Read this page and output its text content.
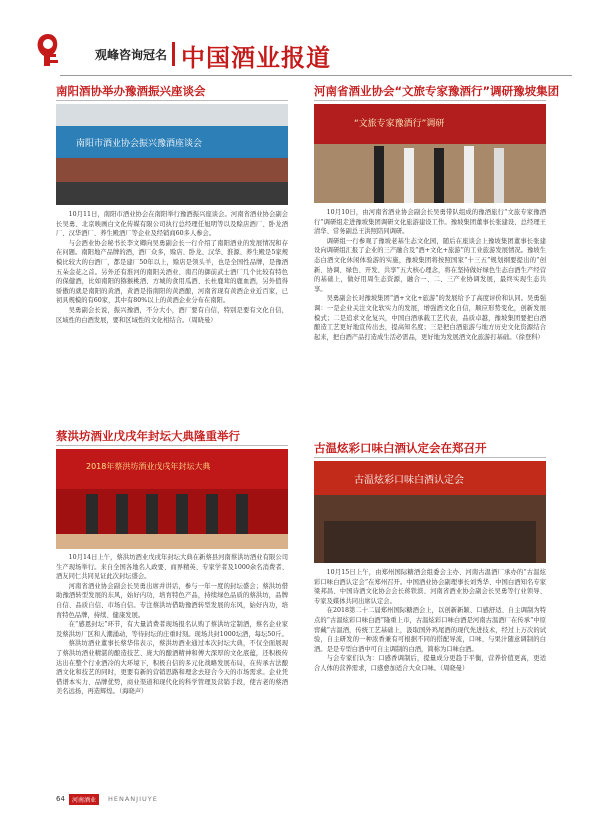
观峰咨询冠名 中国酒业报道
南阳酒协举办豫酒振兴座谈会
南阳市酒业协会振兴豫酒座谈会

10月11日，南阳市酒业协会在南阳举行豫酒振兴座谈会。河南省酒业协会副会长吴勇、北京映画白文化传媒有限公司执行总经理任旭明等以及赊店酒厂、卧龙酒厂、汉华酒厂、养生殿酒厂等企业及经销商60多人参会。

与会酒业协会秘书长李文卿向吴勇副会长一行介绍了南阳酒业的发展情况和存在问题。南阳地产品牌的酒，酒厂众多，赊店、卧龙、汉华、淮源、养生殿是5家规模比较大的白酒厂，都是建厂50年以上，赊店是领头羊，也是全国性品牌，是豫酒五朵金花之首。另外还有淮河的南阳关酒业、南召的御前武士酒厂几个比较有特色的保健酒，比如南阳的猕猴桃酒、方城的食用瓜酒、长杜鹿茸的鹿血酒，另外值得骄傲的就是南阳的黄酒，黄酒是指南阳的黄酒酿，河南省现有黄酒企业近百家，已初具规模的有60家，其中有80%以上的黄酒企业分布在南阳。

吴勇副会长说，振兴豫酒，不分大小，酒厂要有自信，特别是要有文化自信，区域性的白酒发展，要和区域性的文化相结合。（周晓曼）

河南省酒业协会“文旅专家豫酒行”调研豫坡集团
“文旅专家豫酒行”调研

10月10日，由河南省酒业协会副会长吴勇带队组成的豫酒旅行“文旅专家豫酒行”调研组走进豫坡集团调研文化旅游建设工作。豫坡集团董事长张建设、总经理王清华、常务副总王洪照陪同调研。

调研组一行参观了豫坡老基生态文化园，随后在座谈会上豫坡集团董事长张建设向调研组汇报了企业的三产融合及“酒+文化+旅游”的工业旅游发展情况。豫坡生态白酒文化休闲体验游的实施，豫坡集团将按照国家“十三五”规划纲要提出的“创新、协调、绿色、开发、共享”五大核心理念，将在坚持做好绿色生态白酒生产经营的基础上，做好用周生态资源，融合一、二、三产业协调发展，最终实现生态共享。

吴勇副会长对豫坡集团“酒+文化+旅游”的发展给予了高度评价和认同。吴勇强调：一是企业关注文化软实力的发展，增强酒文化自信，顺应形势变化，创新发展模式；二是追求文化复兴，中国白酒承载工艺代表，品质卓越，豫坡集团要把白酒酿造工艺更好地宣传出去，提高知名度；三是把白酒旅游与地方历史文化资源结合起来，把白酒产品打造成生活必需品，更好地为发展酒文化旅游打基础。（徐登科）

蔡洪坊酒业戊戌年封坛大典隆重举行
2018年蔡洪坊酒业戊戌年封坛大典

10月14日上午，蔡洪坊酒业戊戌年封坛大典在新蔡县河南蔡洪坊酒业有限公司生产现场举行。来自全国各地名人政要、商界精英、专家学者及1000余名消费者、酒友同仁共同见证此次封坛盛会。

河南省酒业协会副会长吴勇出席并讲话，参与一年一度的封坛盛会；蔡洪坊借助豫酒转型发展的东风，始好内功，培育特色产品，持续绿色品质的蔡洪坊，品牌自信、品质自信、市场自信。专注蔡洪坊借助豫酒转型发展的东风，始好内功，培育特色品牌，持续、健康发展。

在“感恩封坛”环节，有大量消费者现场报名认购了蔡洪坊定制酒，蔡名企业家及蔡洪坊厂区和人潮涌动，等待封坛的庄重时刻。现场共封1000坛酒，每坛50斤。

蔡洪坊酒业董事长蔡华伟表示，蔡洪坊酒业通过本次封坛大典，不仅全面展现了蔡洪坊酒业精湛的酿造技艺、庞大的酿酒精神和傅大深厚的文化底蕴，还积极传达出在整个行业酒冷的大环境下，积极自信的多元化战略发展布局，在传承古法酿酒文化和技艺的同时，更要有新的营销思路和理念去迎合今天的市场需求。企业凭借谱本实力、品牌优势，商业渠道和现代化的科学管理及营销手段，使古老的蔡酒美名远扬，再造辉煌。（海晓声）

古温炫彩口味白酒认定会在郑召开
古温炫彩口味白酒认定会

10月15日上午，由郑州国际糖酒会组委会主办、河南古温酒厂承办的“古温炫彩口味白酒认定会”在郑州召开。中国酒业协会副理事长刘秀华、中国白酒知名专家梁邦昌、中国诗酒文化协会会长蒋铁滨、河南省酒业协会副会长吴勇等行业领导、专家及媒体共同出席认定会。

在2018第二十二届郑州国际糖酒会上，以创新新颖、口感舒适、自主调制为特点的“古温炫彩口味白酒”隆重上市，古温炫彩口味白酒是河南古温酒厂在传承“中原窖藏”古温酒，传统工艺基础上，汲取国外鸡尾酒的现代先进技术，经过上万次的试验，自主研发的一种浓香兼有可根据不同的搭配导流，口味、与果汁随意调制的白酒。是是专型白酒中可自主调制的白酒，简称为口味白酒。

与会专家们认为：口感香调制后，提量成分更趋于平衡，营养价值更高，更适合人体的营养需求，口感愈加适合大众口味。（周晓曼）

64	河南酒业	HENANJIUYE
